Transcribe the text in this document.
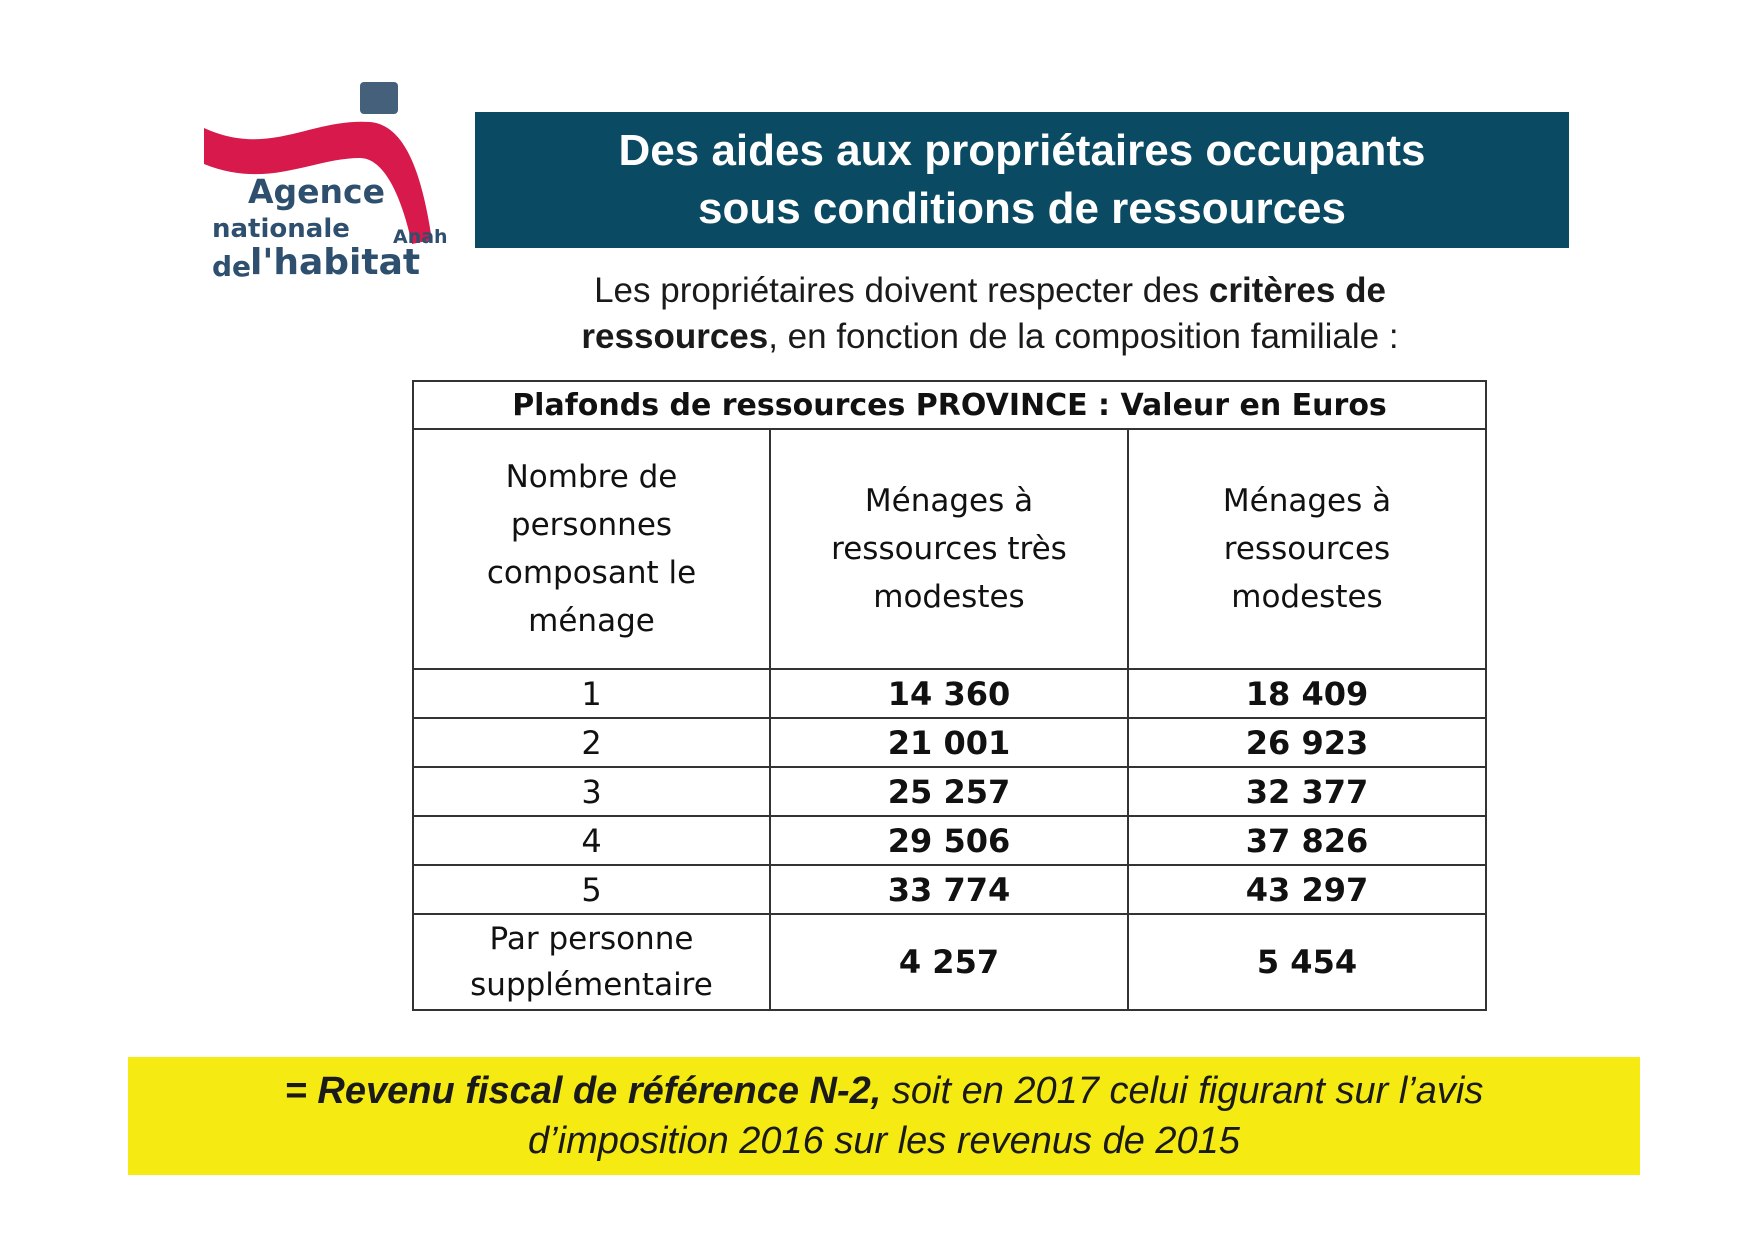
Agence
nationale Anah
de
l'habitat
Des aides aux propriétaires occupants
sous conditions de ressources
Les propriétaires doivent respecter des critères de ressources, en fonction de la composition familiale :
Plafonds de ressources PROVINCE : Valeur en Euros		

Nombre de personnes composant le ménage	Ménages à ressources très modestes	Ménages à ressources modestes

1	14 360	18 409
2	21 001	26 923
3	25 257	32 377
4	29 506	37 826
5	33 774	43 297

Par personne
supplémentaire	4 257	5 454
= Revenu fiscal de référence N-2, soit en 2017 celui figurant sur l’avis
d’imposition 2016 sur les revenus de 2015
